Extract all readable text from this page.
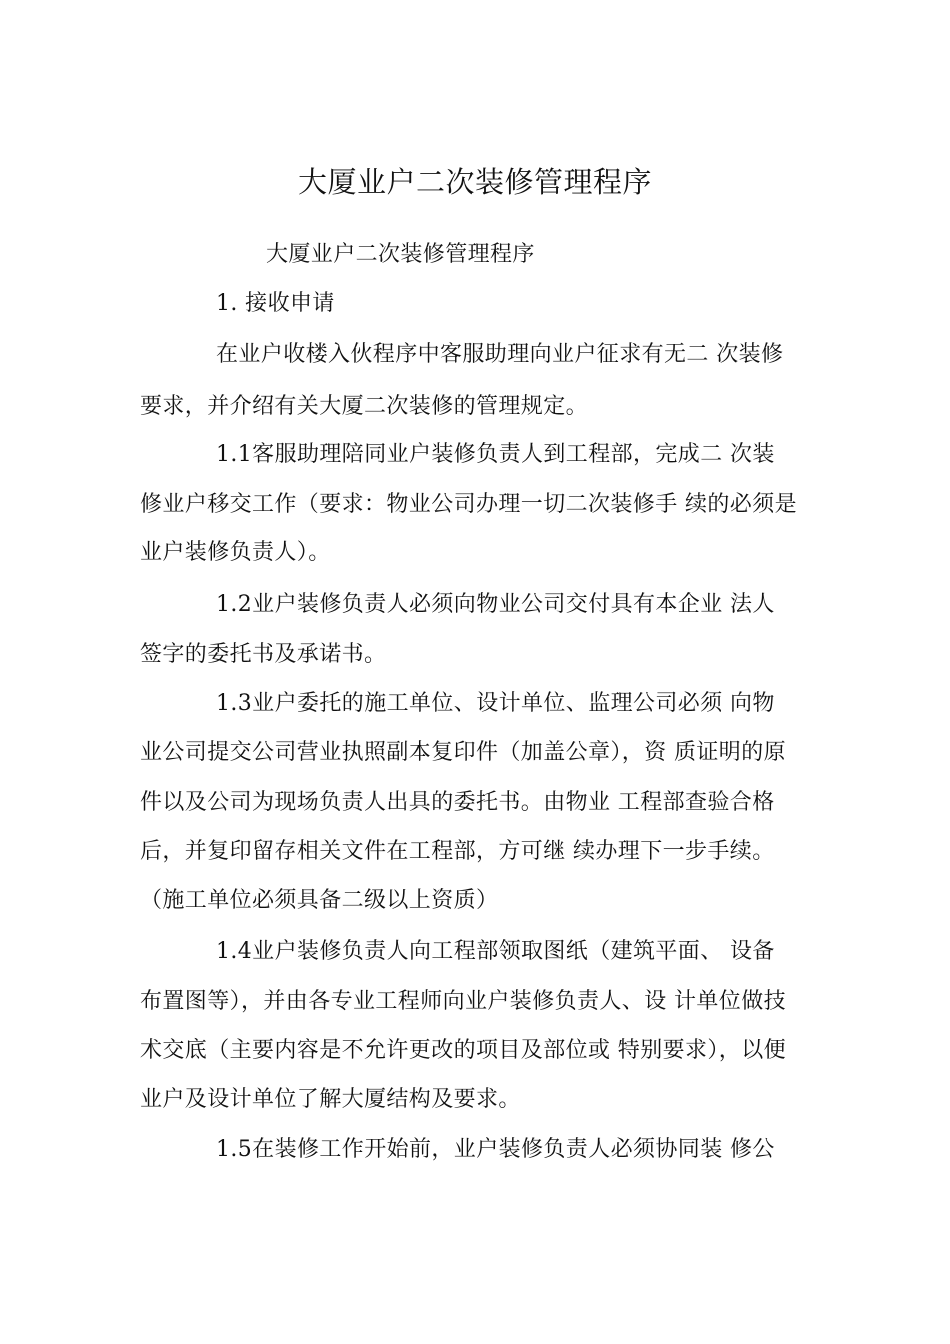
大厦业户二次装修管理程序
大厦业户二次装修管理程序
1. 接收申请
在业户收楼入伙程序中客服助理向业户征求有无二 次装修
要求，并介绍有关大厦二次装修的管理规定。
1.1客服助理陪同业户装修负责人到工程部，完成二 次装
修业户移交工作（要求：物业公司办理一切二次装修手 续的必须是
业户装修负责人）。
1.2业户装修负责人必须向物业公司交付具有本企业 法人
签字的委托书及承诺书。
1.3业户委托的施工单位、设计单位、监理公司必须 向物
业公司提交公司营业执照副本复印件（加盖公章），资 质证明的原
件以及公司为现场负责人出具的委托书。由物业 工程部查验合格
后，并复印留存相关文件在工程部，方可继 续办理下一步手续。
（施工单位必须具备二级以上资质）
1.4业户装修负责人向工程部领取图纸（建筑平面、 设备
布置图等），并由各专业工程师向业户装修负责人、设 计单位做技
术交底（主要内容是不允许更改的项目及部位或 特别要求），以便
业户及设计单位了解大厦结构及要求。
1.5在装修工作开始前，业户装修负责人必须协同装 修公
